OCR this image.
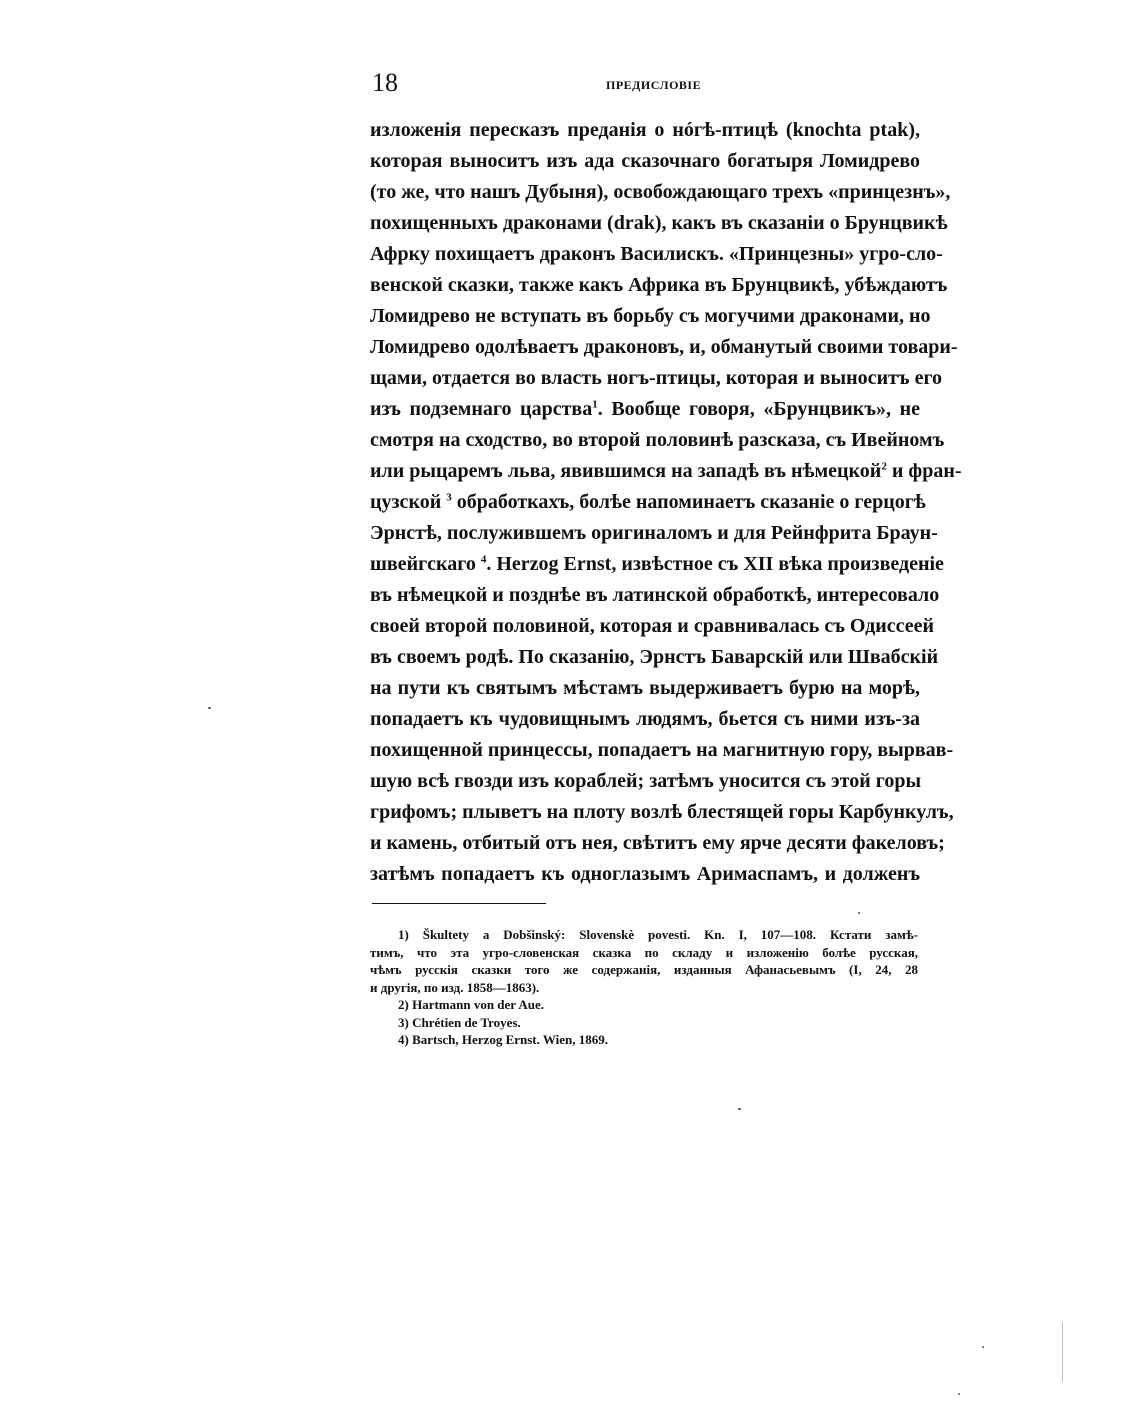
18	ПРЕДИСЛОВІЕ
изложенія пересказъ преданія о нóгѣ-птицѣ (knochta ptak),
которая выноситъ изъ ада сказочнаго богатыря Ломидрево
(то же, что нашъ Дубыня), освобождающаго трехъ «принцезнъ»,
похищенныхъ драконами (drak), какъ въ сказаніи о Брунцвикѣ
Афрку похищаетъ драконъ Василискъ. «Принцезны» угро-сло-
венской сказки, также какъ Африка въ Брунцвикѣ, убѣждаютъ
Ломидрево не вступать въ борьбу съ могучими драконами, но
Ломидрево одолѣваетъ драконовъ, и, обманутый своими товари-
щами, отдается во власть ногъ-птицы, которая и выноситъ его
изъ подземнаго царства$^1$. Вообще говоря, «Брунцвикъ», не
смотря на сходство, во второй половинѣ разсказа, съ Ивейномъ
или рыцаремъ льва, явившимся на западѣ въ нѣмецкой$^2$ и фран-
цузской $^3$ обработкахъ, болѣе напоминаетъ сказаніе о герцогѣ
Эрнстѣ, послужившемъ оригиналомъ и для Рейнфрита Браун-
швейгскаго $^4$. Herzog Ernst, извѣстное съ XII вѣка произведеніе
въ нѣмецкой и позднѣе въ латинской обработкѣ, интересовало
своей второй половиной, которая и сравнивалась съ Одиссеей
въ своемъ родѣ. По сказанію, Эрнстъ Баварскій или Швабскій
на пути къ святымъ мѣстамъ выдерживаетъ бурю на морѣ,
попадаетъ къ чудовищнымъ людямъ, бьется съ ними изъ-за
похищенной принцессы, попадаетъ на магнитную гору, вырвав-
шую всѣ гвозди изъ кораблей; затѣмъ уносится съ этой горы
грифомъ; плыветъ на плоту возлѣ блестящей горы Карбункулъ,
и камень, отбитый отъ нея, свѣтитъ ему ярче десяти факеловъ;
затѣмъ попадаетъ къ одноглазымъ Аримаспамъ, и долженъ
1) Škultety a Dobšinský: Slovenskè povesti. Kn. I, 107—108. Кстати замѣ-
тимъ, что эта угро-словенская сказка по складу и изложенію болѣе русская,
чѣмъ русскія сказки того же содержанія, изданныя Афанасьевымъ (I, 24, 28
и другія, по изд. 1858—1863).
2) Hartmann von der Aue.
3) Chrétien de Troyes.
4) Bartsch, Herzog Ernst. Wien, 1869.
